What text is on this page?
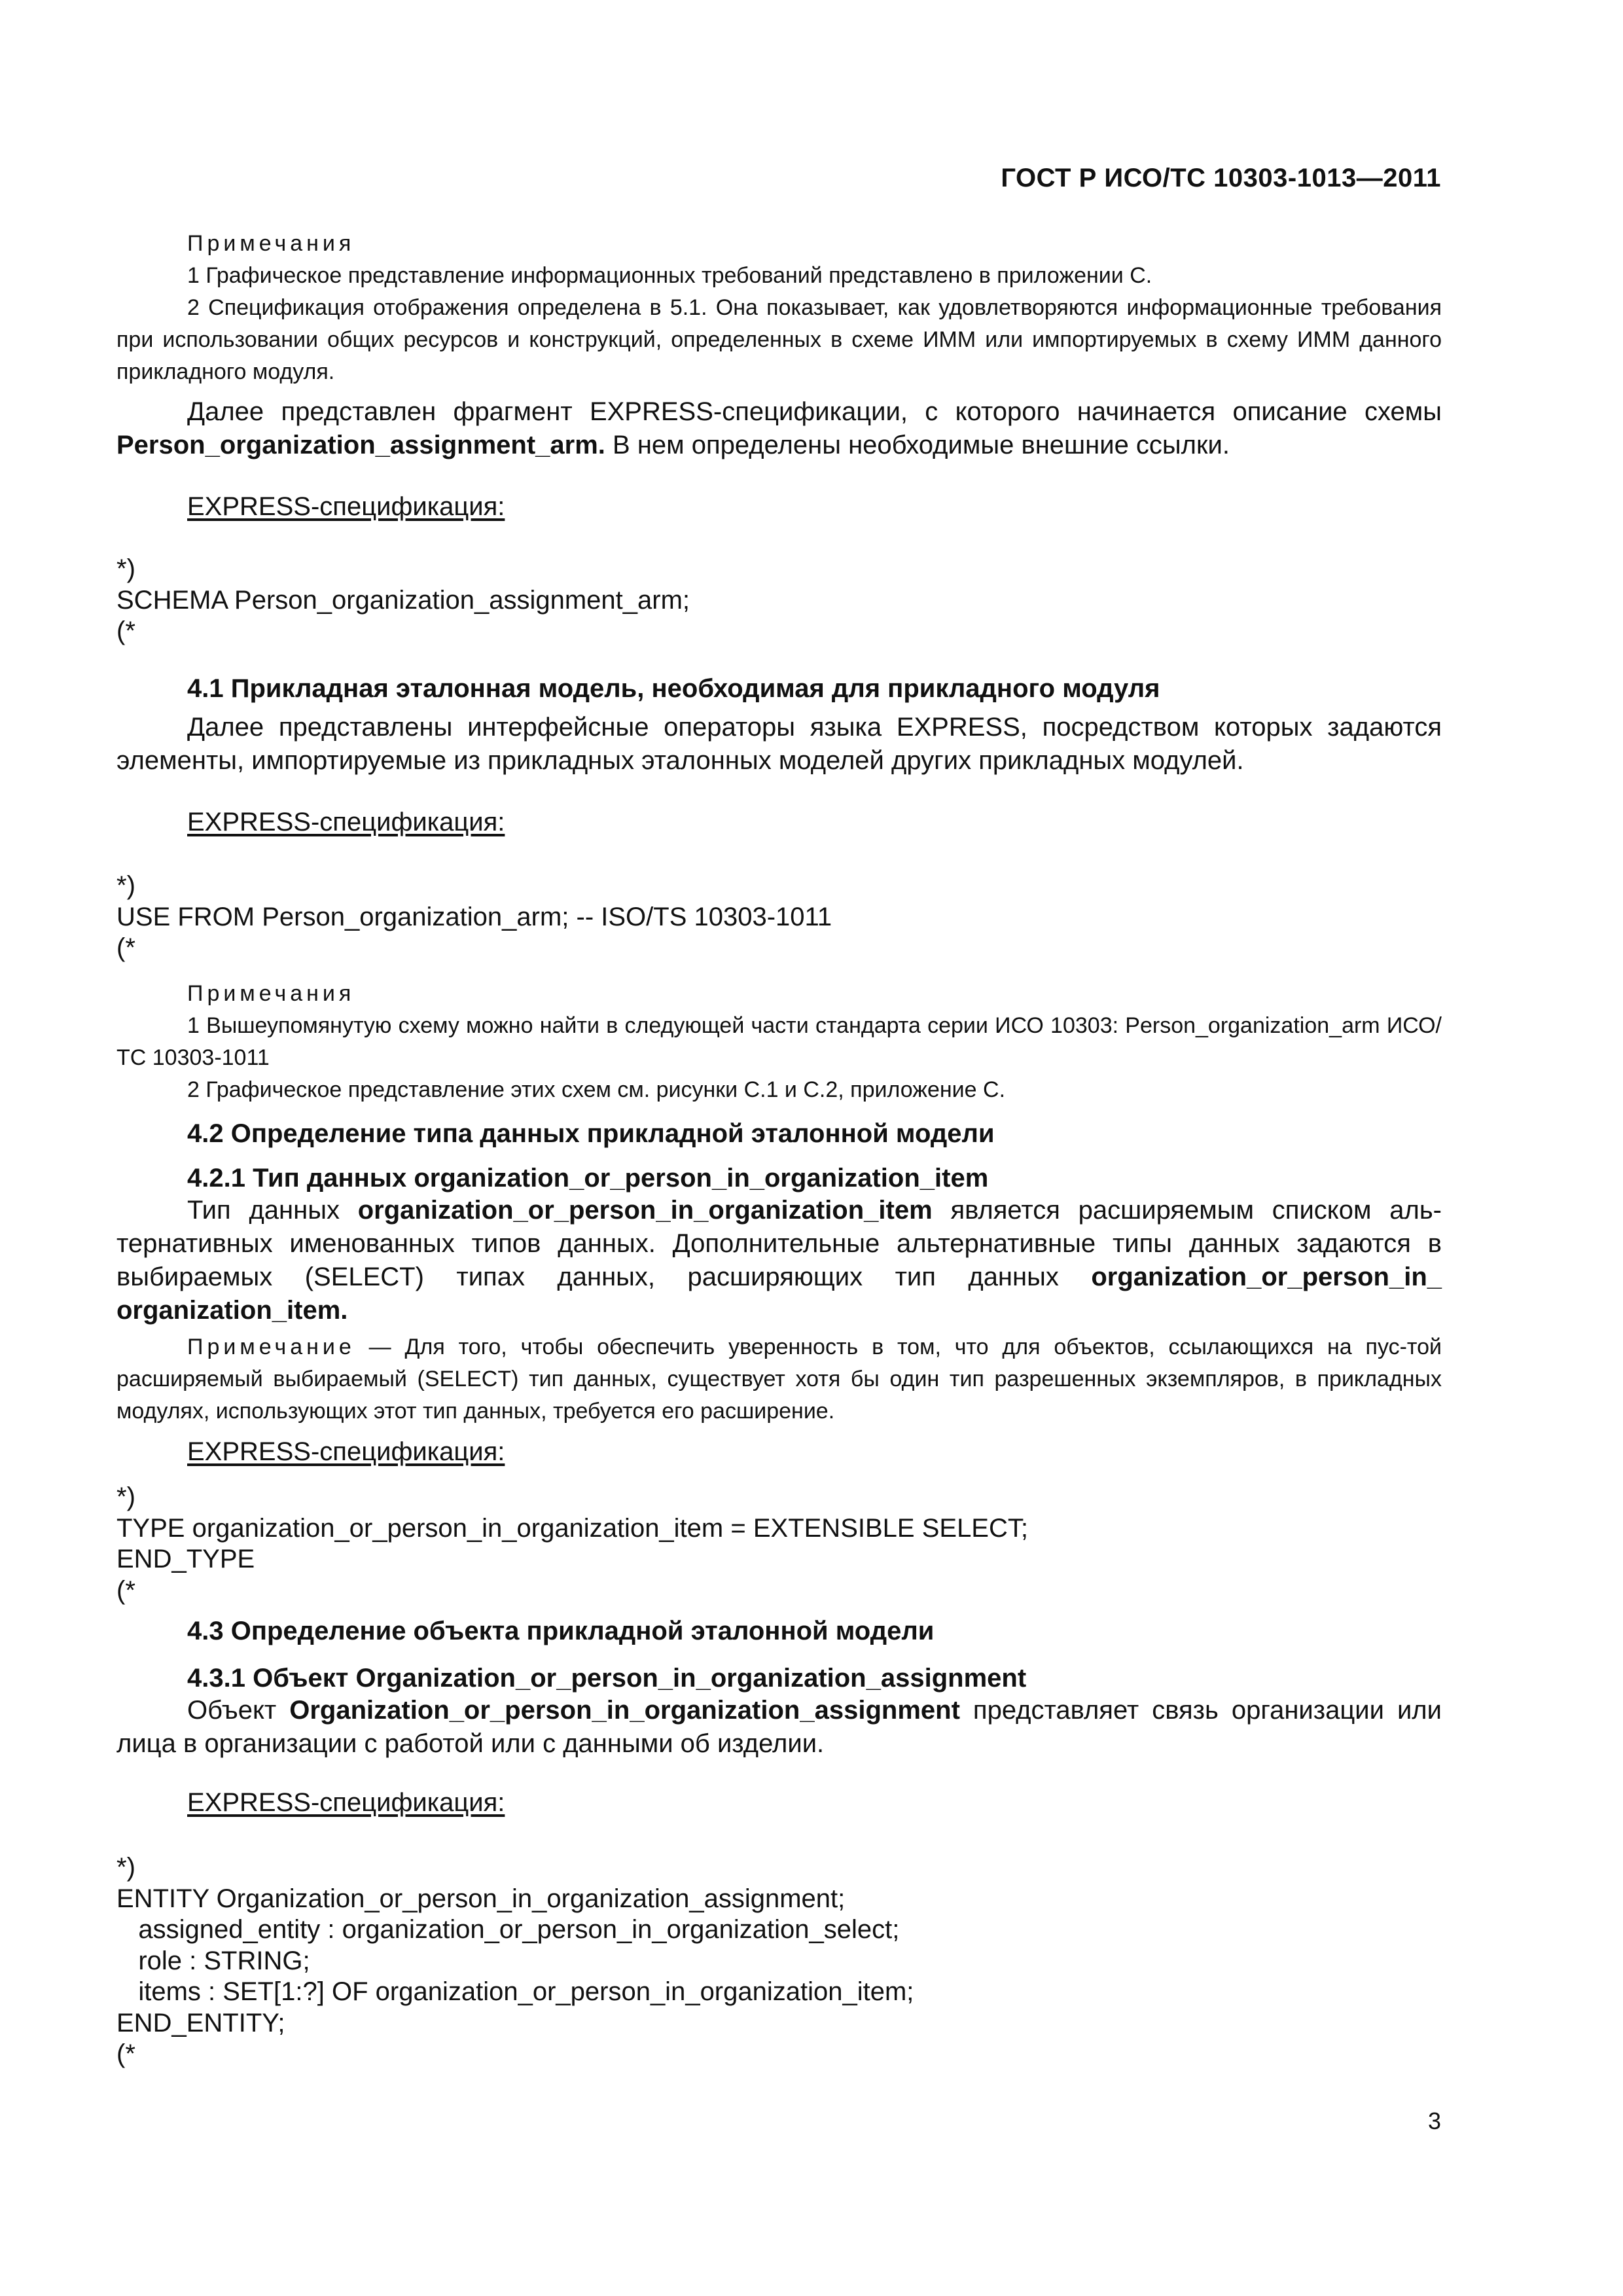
ГОСТ Р ИСО/ТС 10303-1013—2011
Примечания
1 Графическое представление информационных требований представлено в приложении С.
2 Спецификация отображения определена в 5.1. Она показывает, как удовлетворяются информационные требования при использовании общих ресурсов и конструкций, определенных в схеме ИММ или импортируемых в схему ИММ данного прикладного модуля.

Далее представлен фрагмент EXPRESS-спецификации, с которого начинается описание схемы Person_organization_assignment_arm. В нем определены необходимые внешние ссылки.

EXPRESS-спецификация:
*)
SCHEMA Person_organization_assignment_arm;
(*
4.1 Прикладная эталонная модель, необходимая для прикладного модуля

Далее представлены интерфейсные операторы языка EXPRESS, посредством которых задаются элементы, импортируемые из прикладных эталонных моделей других прикладных модулей.

EXPRESS-спецификация:
*)
USE FROM Person_organization_arm; -- ISO/TS 10303-1011
(*
Примечания
1 Вышеупомянутую схему можно найти в следующей части стандарта серии ИСО 10303: Person_organization_arm ИСО/ТС 10303-1011
2 Графическое представление этих схем см. рисунки С.1 и С.2, приложение С.
4.2 Определение типа данных прикладной эталонной модели
4.2.1 Тип данных organization_or_person_in_organization_item

Тип данных organization_or_person_in_organization_item является расширяемым списком аль-тернативных именованных типов данных. Дополнительные альтернативные типы данных задаются в выбираемых (SELECT) типах данных, расширяющих тип данных organization_or_person_in_ organization_item.

Примечание — Для того, чтобы обеспечить уверенность в том, что для объектов, ссылающихся на пус-той расширяемый выбираемый (SELECT) тип данных, существует хотя бы один тип разрешенных экземпляров, в прикладных модулях, использующих этот тип данных, требуется его расширение.

EXPRESS-спецификация:
*)
TYPE organization_or_person_in_organization_item = EXTENSIBLE SELECT;
END_TYPE
(*
4.3 Определение объекта прикладной эталонной модели
4.3.1 Объект Organization_or_person_in_organization_assignment

Объект Organization_or_person_in_organization_assignment представляет связь организации или лица в организации с работой или с данными об изделии.

EXPRESS-спецификация:
*)
ENTITY Organization_or_person_in_organization_assignment;
assigned_entity : organization_or_person_in_organization_select;
role : STRING;
items : SET[1:?] OF organization_or_person_in_organization_item;
END_ENTITY;
(*
3
